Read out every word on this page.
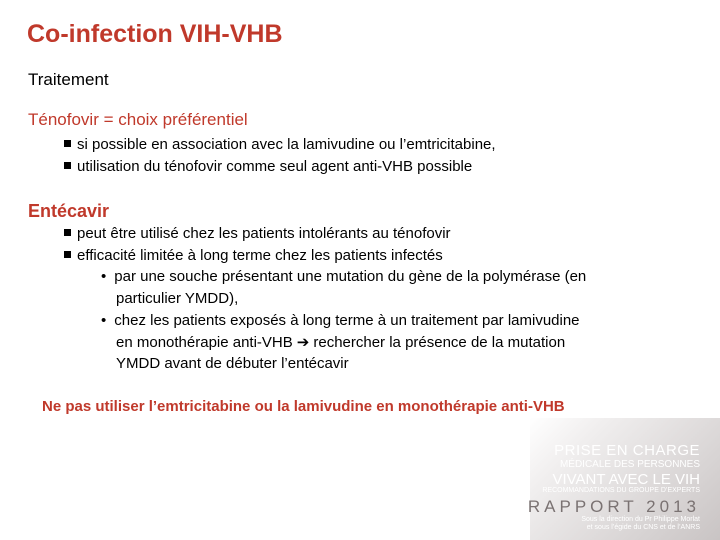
Co-infection VIH-VHB
Traitement
Ténofovir = choix préférentiel
si possible en association avec la lamivudine ou l’emtricitabine,
utilisation du ténofovir comme seul agent anti-VHB possible
Entécavir
peut être utilisé chez les patients intolérants au ténofovir
efficacité limitée à long terme chez les patients infectés
• par une souche présentant une mutation du gène de la polymérase (en
particulier YMDD),
• chez les patients exposés à long terme à un traitement par lamivudine
en monothérapie anti-VHB ➔ rechercher la présence de la mutation
YMDD avant de débuter l’entécavir
Ne pas utiliser l’emtricitabine ou la lamivudine en monothérapie anti-VHB
PRISE EN CHARGE
MÉDICALE DES PERSONNES
VIVANT AVEC LE VIH
RECOMMANDATIONS DU GROUPE D’EXPERTS
RAPPORT 2013
Sous la direction du Pr Philippe Morlat
et sous l’égide du CNS et de l’ANRS
